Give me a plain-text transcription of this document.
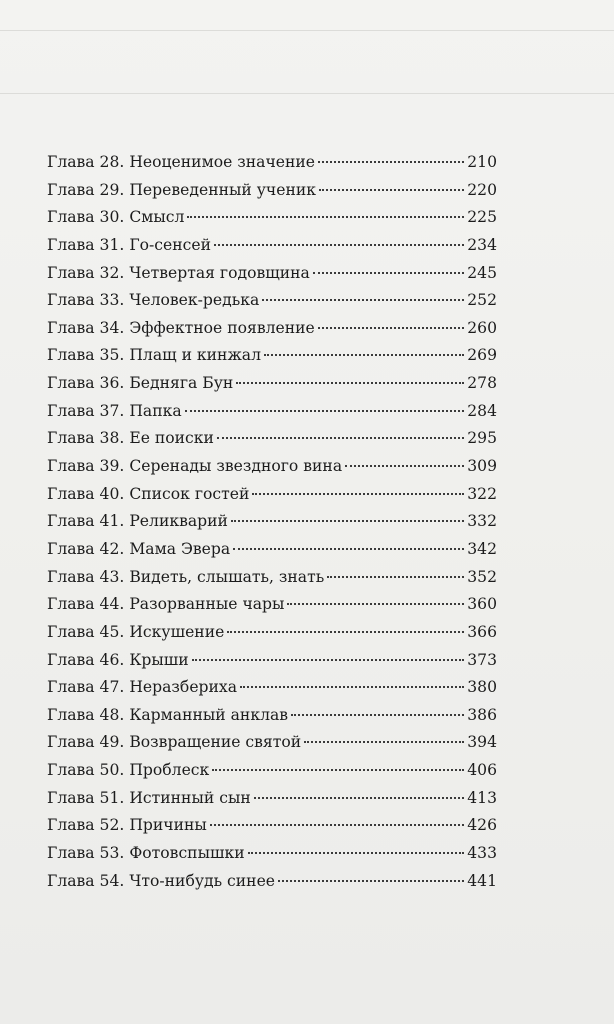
Глава 28. Неоценимое значение	210
Глава 29. Переведенный ученик	220
Глава 30. Смысл	225
Глава 31. Го-сенсей	234
Глава 32. Четвертая годовщина	245
Глава 33. Человек-редька	252
Глава 34. Эффектное появление	260
Глава 35. Плащ и кинжал	269
Глава 36. Бедняга Бун	278
Глава 37. Папка	284
Глава 38. Ее поиски	295
Глава 39. Серенады звездного вина	309
Глава 40. Список гостей	322
Глава 41. Реликварий	332
Глава 42. Мама Эвера	342
Глава 43. Видеть, слышать, знать	352
Глава 44. Разорванные чары	360
Глава 45. Искушение	366
Глава 46. Крыши	373
Глава 47. Неразбериха	380
Глава 48. Карманный анклав	386
Глава 49. Возвращение святой	394
Глава 50. Проблеск	406
Глава 51. Истинный сын	413
Глава 52. Причины	426
Глава 53. Фотовспышки	433
Глава 54. Что-нибудь синее	441
